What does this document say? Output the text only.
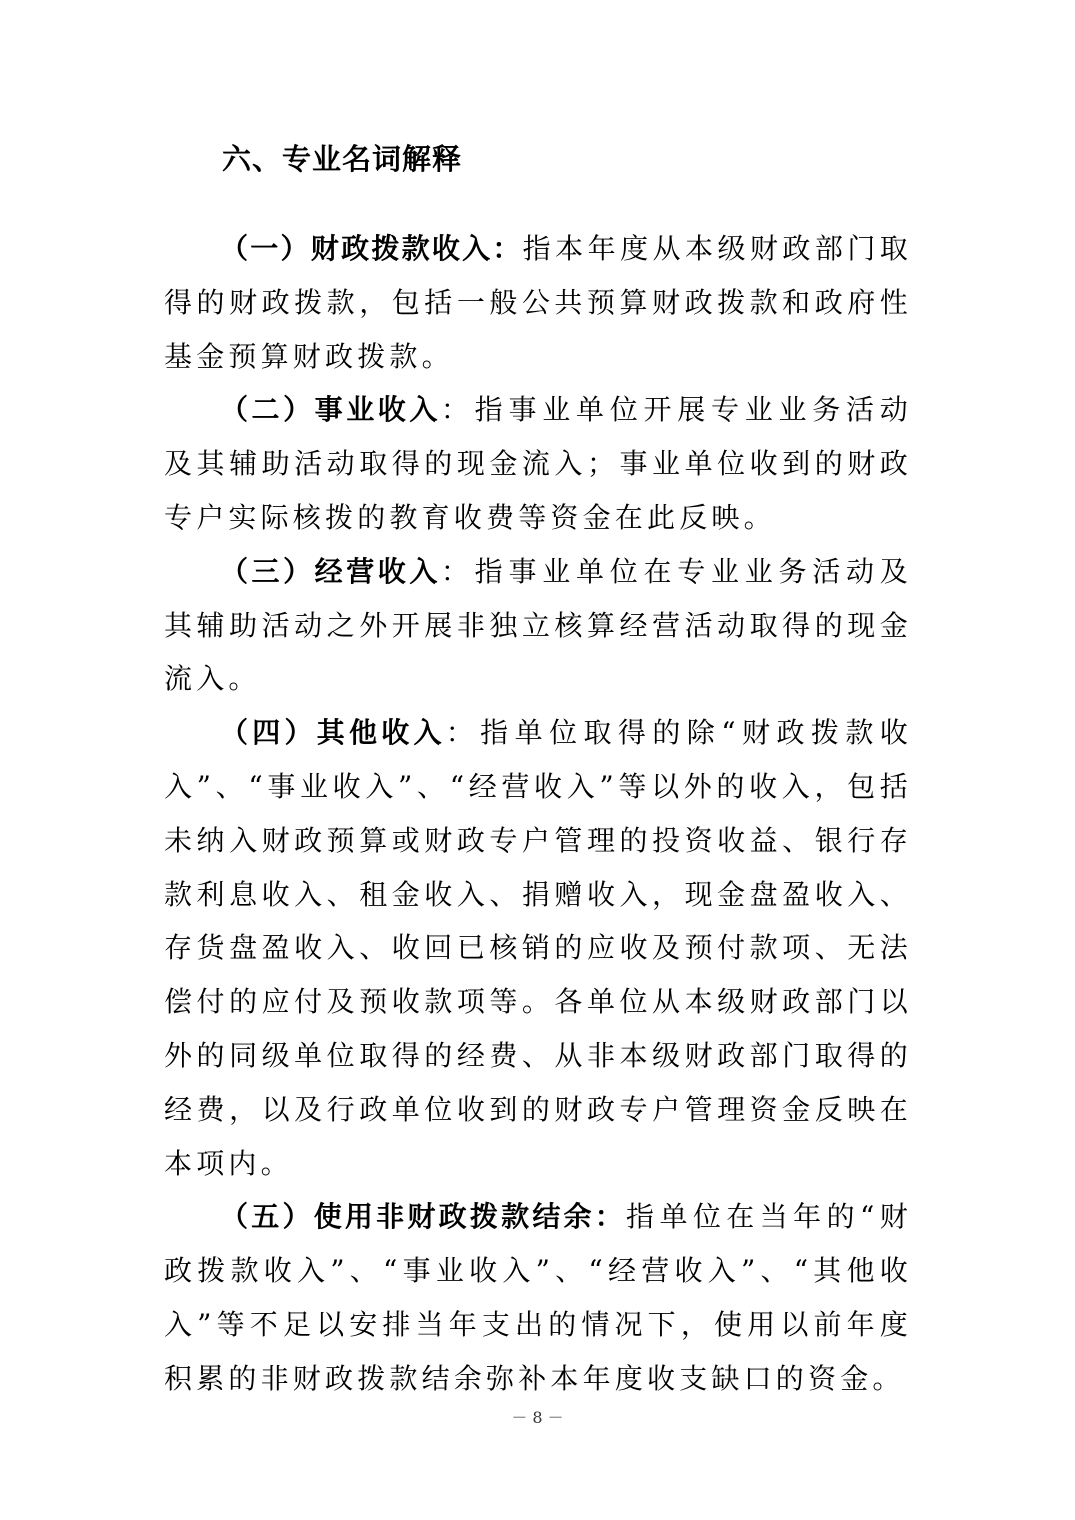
六、专业名词解释

（一）财政拨款收入：指本年度从本级财政部门取得的财政拨款，包括一般公共预算财政拨款和政府性基金预算财政拨款。

（二）事业收入：指事业单位开展专业业务活动及其辅助活动取得的现金流入；事业单位收到的财政专户实际核拨的教育收费等资金在此反映。

（三）经营收入：指事业单位在专业业务活动及其辅助活动之外开展非独立核算经营活动取得的现金流入。

（四）其他收入：指单位取得的除“财政拨款收入”、“事业收入”、“经营收入”等以外的收入，包括未纳入财政预算或财政专户管理的投资收益、银行存款利息收入、租金收入、捐赠收入，现金盘盈收入、存货盘盈收入、收回已核销的应收及预付款项、无法偿付的应付及预收款项等。各单位从本级财政部门以外的同级单位取得的经费、从非本级财政部门取得的经费，以及行政单位收到的财政专户管理资金反映在本项内。

（五）使用非财政拨款结余：指单位在当年的“财政拨款收入”、“事业收入”、“经营收入”、“其他收入”等不足以安排当年支出的情况下，使用以前年度积累的非财政拨款结余弥补本年度收支缺口的资金。

－ 8 －
